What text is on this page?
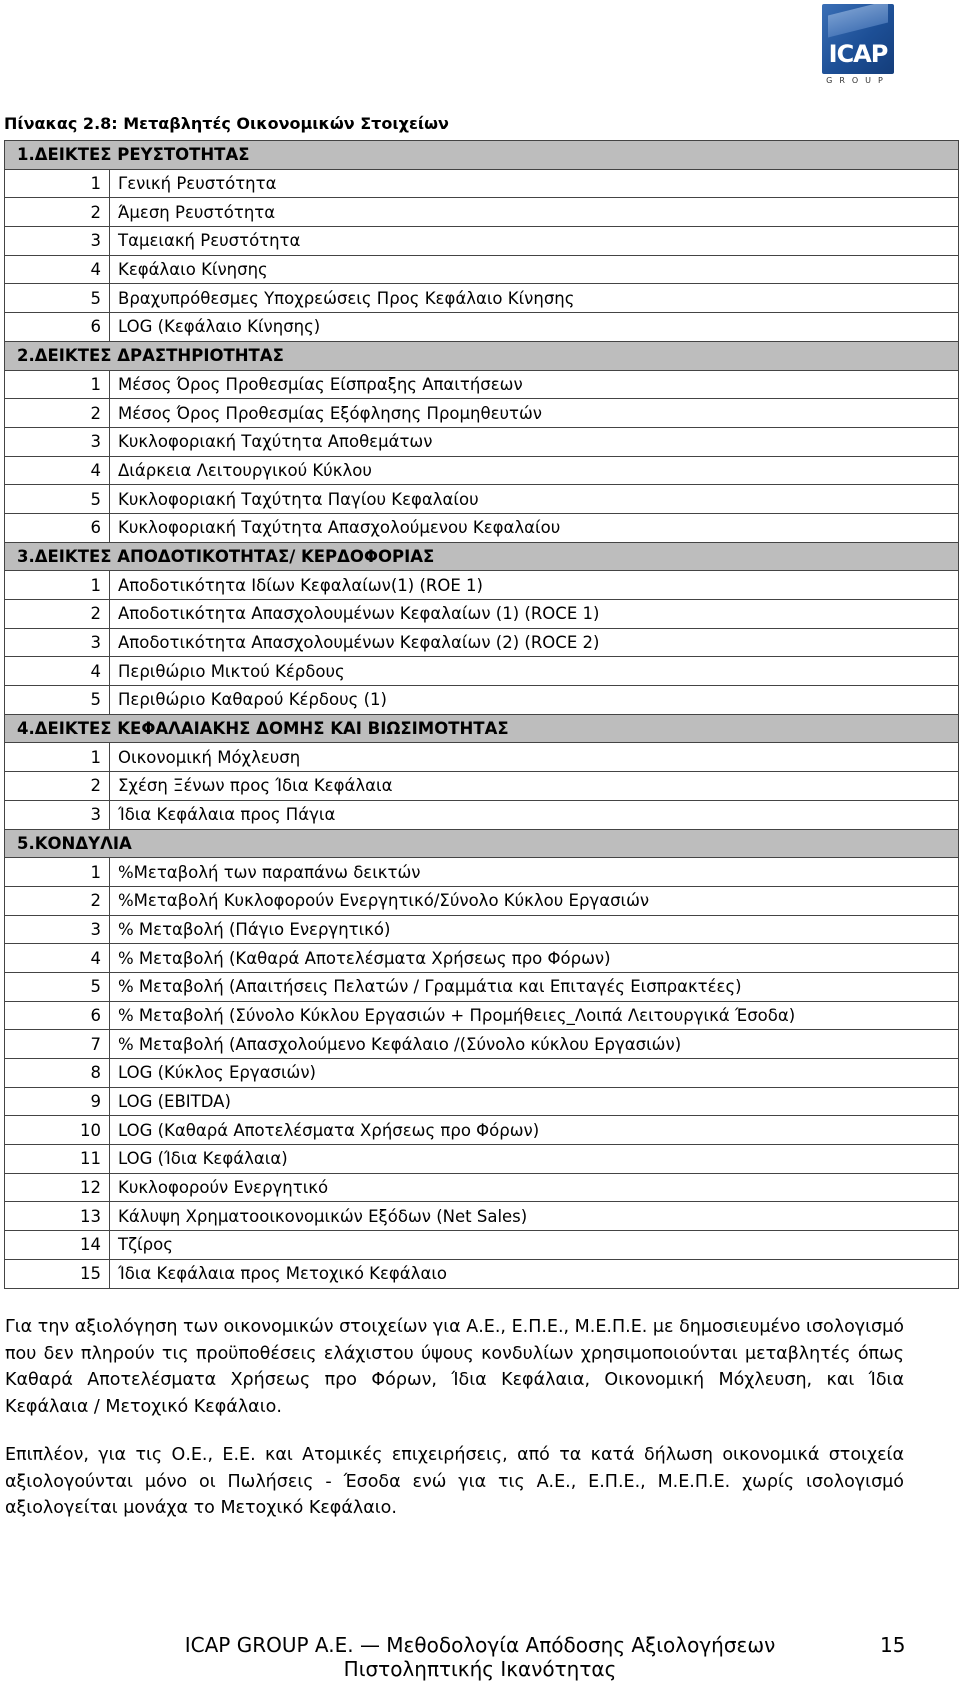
ICAP
GROUP
Πίνακας 2.8: Μεταβλητές Οικονομικών Στοιχείων
1.ΔΕΙΚΤΕΣ ΡΕΥΣΤΟΤΗΤΑΣ	
1	Γενική Ρευστότητα
2	Άμεση Ρευστότητα
3	Ταμειακή Ρευστότητα
4	Κεφάλαιο Κίνησης
5	Βραχυπρόθεσμες Υποχρεώσεις Προς Κεφάλαιο Κίνησης
6	LOG (Κεφάλαιο Κίνησης)
2.ΔΕΙΚΤΕΣ ΔΡΑΣΤΗΡΙΟΤΗΤΑΣ	
1	Μέσος Όρος Προθεσμίας Είσπραξης Απαιτήσεων
2	Μέσος Όρος Προθεσμίας Εξόφλησης Προμηθευτών
3	Κυκλοφοριακή Ταχύτητα Αποθεμάτων
4	Διάρκεια Λειτουργικού Κύκλου
5	Κυκλοφοριακή Ταχύτητα Παγίου Κεφαλαίου
6	Κυκλοφοριακή Ταχύτητα Απασχολούμενου Κεφαλαίου
3.ΔΕΙΚΤΕΣ ΑΠΟΔΟΤΙΚΟΤΗΤΑΣ/ ΚΕΡΔΟΦΟΡΙΑΣ	
1	Αποδοτικότητα Ιδίων Κεφαλαίων(1) (ROE 1)
2	Αποδοτικότητα Απασχολουμένων Κεφαλαίων (1) (ROCE 1)
3	Αποδοτικότητα Απασχολουμένων Κεφαλαίων (2) (ROCE 2)
4	Περιθώριο Μικτού Κέρδους
5	Περιθώριο Καθαρού Κέρδους (1)
4.ΔΕΙΚΤΕΣ ΚΕΦΑΛΑΙΑΚΗΣ ΔΟΜΗΣ ΚΑΙ ΒΙΩΣΙΜΟΤΗΤΑΣ	
1	Οικονομική Μόχλευση
2	Σχέση Ξένων προς Ίδια Κεφάλαια
3	Ίδια Κεφάλαια προς Πάγια
5.ΚΟΝΔΥΛΙΑ	
1	%Μεταβολή των παραπάνω δεικτών
2	%Μεταβολή Κυκλοφορούν Ενεργητικό/Σύνολο Κύκλου Εργασιών
3	% Μεταβολή (Πάγιο Ενεργητικό)
4	% Μεταβολή (Καθαρά Αποτελέσματα Χρήσεως προ Φόρων)
5	% Μεταβολή (Απαιτήσεις Πελατών / Γραμμάτια και Επιταγές Εισπρακτέες)
6	% Μεταβολή (Σύνολο Κύκλου Εργασιών + Προμήθειες_Λοιπά Λειτουργικά Έσοδα)
7	% Μεταβολή (Απασχολούμενο Κεφάλαιο /(Σύνολο κύκλου Εργασιών)
8	LOG (Κύκλος Εργασιών)
9	LOG (EBITDA)
10	LOG (Καθαρά Αποτελέσματα Χρήσεως προ Φόρων)
11	LOG (Ίδια Κεφάλαια)
12	Κυκλοφορούν Ενεργητικό
13	Κάλυψη Χρηματοοικονομικών Εξόδων (Net Sales)
14	Τζίρος
15	Ίδια Κεφάλαια προς Μετοχικό Κεφάλαιο
Για την αξιολόγηση των οικονομικών στοιχείων για Α.Ε., Ε.Π.Ε., Μ.Ε.Π.Ε. με δημοσιευμένο ισολογισμό που δεν πληρούν τις προϋποθέσεις ελάχιστου ύψους κονδυλίων χρησιμοποιούνται μεταβλητές όπως Καθαρά Αποτελέσματα Χρήσεως προ Φόρων, Ίδια Κεφάλαια, Οικονομική Μόχλευση, και Ίδια Κεφάλαια / Μετοχικό Κεφάλαιο.
Επιπλέον, για τις Ο.Ε., Ε.Ε. και Ατομικές επιχειρήσεις, από τα κατά δήλωση οικονομικά στοιχεία αξιολογούνται μόνο οι Πωλήσεις - Έσοδα ενώ για τις Α.Ε., Ε.Π.Ε., Μ.Ε.Π.Ε. χωρίς ισολογισμό αξιολογείται μονάχα το Μετοχικό Κεφάλαιο.
ICAP GROUP A.E. — Μεθοδολογία Απόδοσης Αξιολογήσεων
Πιστοληπτικής Ικανότητας
15
